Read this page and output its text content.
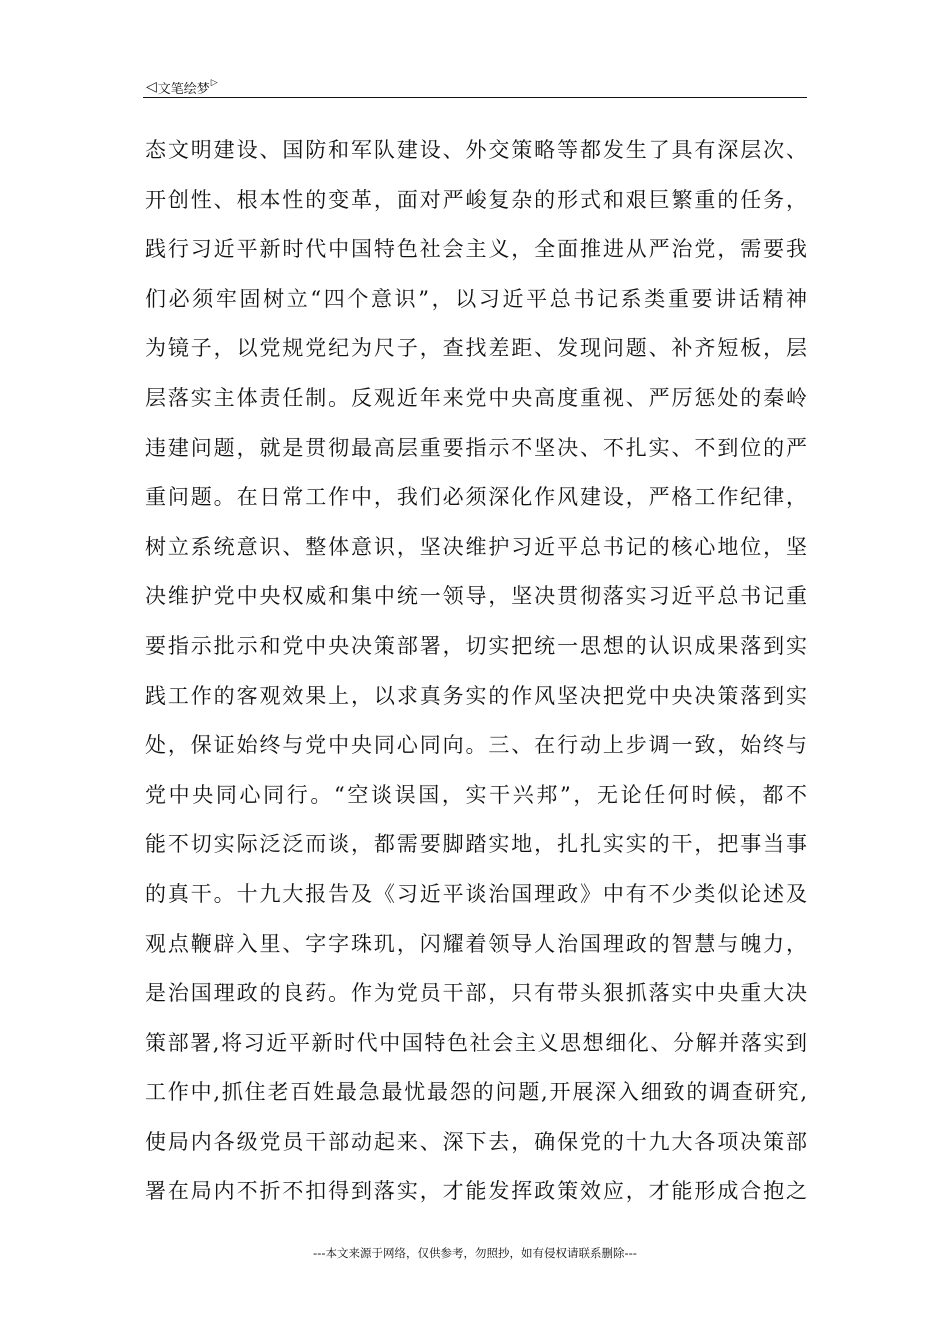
◁ 文笔绘梦 ▷
态文明建设、国防和军队建设、外交策略等都发生了具有深层次、
开创性、根本性的变革，面对严峻复杂的形式和艰巨繁重的任务，
践行习近平新时代中国特色社会主义，全面推进从严治党，需要我
们必须牢固树立“四个意识”，以习近平总书记系类重要讲话精神
为镜子，以党规党纪为尺子，查找差距、发现问题、补齐短板，层
层落实主体责任制。反观近年来党中央高度重视、严厉惩处的秦岭
违建问题，就是贯彻最高层重要指示不坚决、不扎实、不到位的严
重问题。在日常工作中，我们必须深化作风建设，严格工作纪律，
树立系统意识、整体意识，坚决维护习近平总书记的核心地位，坚
决维护党中央权威和集中统一领导，坚决贯彻落实习近平总书记重
要指示批示和党中央决策部署，切实把统一思想的认识成果落到实
践工作的客观效果上，以求真务实的作风坚决把党中央决策落到实
处，保证始终与党中央同心同向。三、在行动上步调一致，始终与
党中央同心同行。“空谈误国，实干兴邦”，无论任何时候，都不
能不切实际泛泛而谈，都需要脚踏实地，扎扎实实的干，把事当事
的真干。十九大报告及《习近平谈治国理政》中有不少类似论述及
观点鞭辟入里、字字珠玑，闪耀着领导人治国理政的智慧与魄力，
是治国理政的良药。作为党员干部，只有带头狠抓落实中央重大决
策部署,将习近平新时代中国特色社会主义思想细化、分解并落实到
工作中,抓住老百姓最急最忧最怨的问题,开展深入细致的调查研究,
使局内各级党员干部动起来、深下去，确保党的十九大各项决策部
署在局内不折不扣得到落实，才能发挥政策效应，才能形成合抱之
---本文来源于网络，仅供参考，勿照抄，如有侵权请联系删除---
